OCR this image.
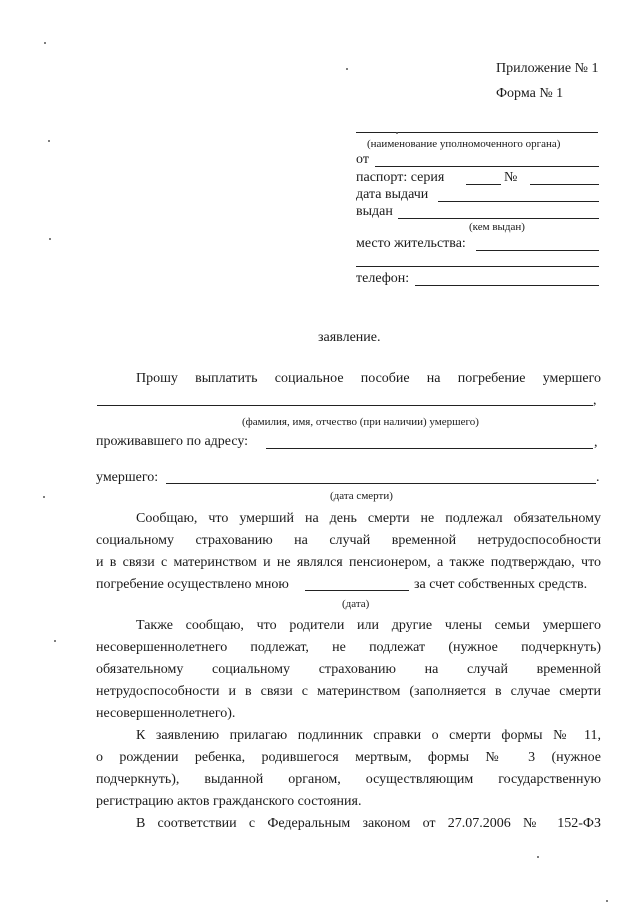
Приложение № 1
Форма № 1
(наименование уполномоченного органа)
от
паспорт: серия	№
дата выдачи
выдан
(кем выдан)
место жительства:
телефон:
заявление.
Прошу выплатить социальное пособие на погребение умершего
,
(фамилия, имя, отчество (при наличии) умершего)
проживавшего по адресу:	,
умершего:	.
(дата смерти)
Сообщаю, что умерший на день смерти не подлежал обязательному
социальному страхованию на случай временной нетрудоспособности
и в связи с материнством и не являлся пенсионером, а также подтверждаю, что
погребение осуществлено мною	за счет собственных средств.
(дата)
Также сообщаю, что родители или другие члены семьи умершего
несовершеннолетнего подлежат, не подлежат (нужное подчеркнуть)
обязательному социальному страхованию на случай временной
нетрудоспособности и в связи с материнством (заполняется в случае смерти
несовершеннолетнего).
К заявлению прилагаю подлинник справки о смерти формы № 11,
о рождении ребенка, родившегося мертвым, формы № 3 (нужное
подчеркнуть), выданной органом, осуществляющим государственную
регистрацию актов гражданского состояния.
В соответствии с Федеральным законом от 27.07.2006 № 152-ФЗ
